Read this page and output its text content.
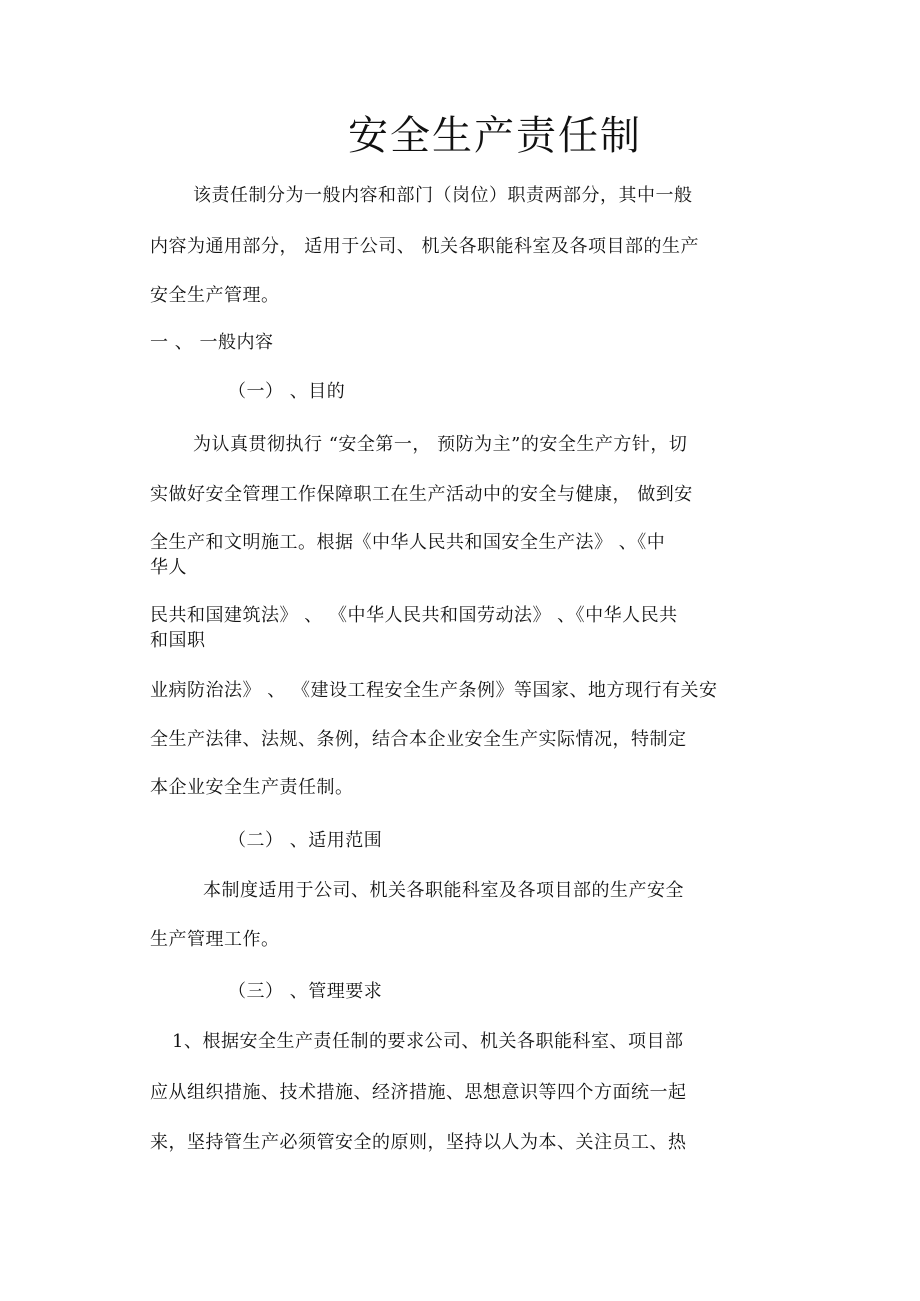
安全生产责任制
该责任制分为一般内容和部门（岗位）职责两部分，其中一般
内容为通用部分， 适用于公司、 机关各职能科室及各项目部的生产
安全生产管理。
一 、 一般内容
（一） 、目的
为认真贯彻执行 “安全第一， 预防为主”的安全生产方针，切
实做好安全管理工作保障职工在生产活动中的安全与健康， 做到安
全生产和文明施工。根据《中华人民共和国安全生产法》 、《中
华人
民共和国建筑法》 、 《中华人民共和国劳动法》 、《中华人民共
和国职
业病防治法》 、 《建设工程安全生产条例》等国家、地方现行有关安
全生产法律、法规、条例，结合本企业安全生产实际情况，特制定
本企业安全生产责任制。
（二） 、适用范围
本制度适用于公司、机关各职能科室及各项目部的生产安全
生产管理工作。
（三） 、管理要求
1、根据安全生产责任制的要求公司、机关各职能科室、项目部
应从组织措施、技术措施、经济措施、思想意识等四个方面统一起
来，坚持管生产必须管安全的原则，坚持以人为本、关注员工、热
